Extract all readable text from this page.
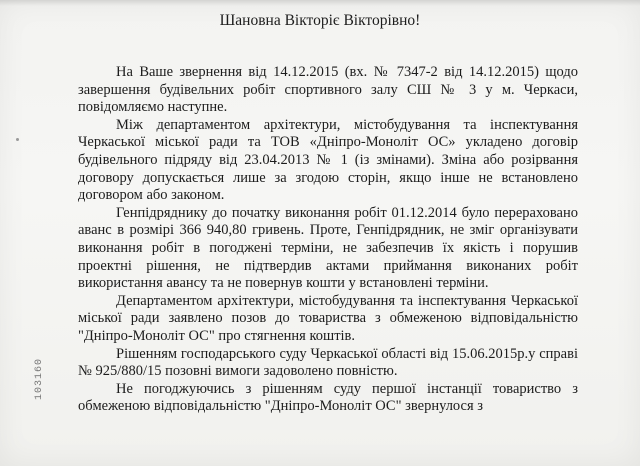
Шановна Вікторіє Вікторівно!

На Ваше звернення від 14.12.2015 (вх. № 7347-2 від 14.12.2015) щодо завершення будівельних робіт спортивного залу СШ № 3 у м. Черкаси, повідомляємо наступне.

Між департаментом архітектури, містобудування та інспектування Черкаської міської ради та ТОВ «Дніпро-Моноліт ОС» укладено договір будівельного підряду від 23.04.2013 № 1 (із змінами). Зміна або розірвання договору допускається лише за згодою сторін, якщо інше не встановлено договором або законом.

Генпідряднику до початку виконання робіт 01.12.2014 було перераховано аванс в розмірі 366 940,80 гривень. Проте, Генпідрядник, не зміг організувати виконання робіт в погоджені терміни, не забезпечив їх якість і порушив проектні рішення, не підтвердив актами приймання виконаних робіт використання авансу та не повернув кошти у встановлені терміни.

Департаментом архітектури, містобудування та інспектування Черкаської міської ради заявлено позов до товариства з обмеженою відповідальністю "Дніпро-Моноліт ОС" про стягнення коштів.

Рішенням господарського суду Черкаської області від 15.06.2015р.у справі № 925/880/15 позовні вимоги задоволено повністю.

Не погоджуючись з рішенням суду першої інстанції товариство з обмеженою відповідальністю "Дніпро-Моноліт ОС" звернулося з

103160
